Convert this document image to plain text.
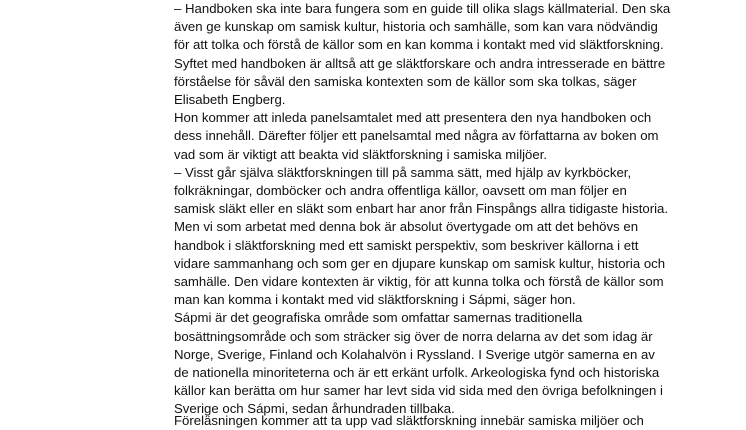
– Handboken ska inte bara fungera som en guide till olika slags källmaterial. Den ska

även ge kunskap om samisk kultur, historia och samhälle, som kan vara nödvändig

för att tolka och förstå de källor som en kan komma i kontakt med vid släktforskning.

Syftet med handboken är alltså att ge släktforskare och andra intresserade en bättre

förståelse för såväl den samiska kontexten som de källor som ska tolkas, säger

Elisabeth Engberg.

Hon kommer att inleda panelsamtalet med att presentera den nya handboken och

dess innehåll. Därefter följer ett panelsamtal med några av författarna av boken om

vad som är viktigt att beakta vid släktforskning i samiska miljöer.

– Visst går själva släktforskningen till på samma sätt, med hjälp av kyrkböcker,

folkräkningar, domböcker och andra offentliga källor, oavsett om man följer en

samisk släkt eller en släkt som enbart har anor från Finspångs allra tidigaste historia.

Men vi som arbetat med denna bok är absolut övertygade om att det behövs en

handbok i släktforskning med ett samiskt perspektiv, som beskriver källorna i ett

vidare sammanhang och som ger en djupare kunskap om samisk kultur, historia och

samhälle. Den vidare kontexten är viktig, för att kunna tolka och förstå de källor som

man kan komma i kontakt med vid släktforskning i Sápmi, säger hon.

Sápmi är det geografiska område som omfattar samernas traditionella

bosättningsområde och som sträcker sig över de norra delarna av det som idag är

Norge, Sverige, Finland och Kolahalvön i Ryssland. I Sverige utgör samerna en av

de nationella minoriteterna och är ett erkänt urfolk. Arkeologiska fynd och historiska

källor kan berätta om hur samer har levt sida vid sida med den övriga befolkningen i

Sverige och Sápmi, sedan århundraden tillbaka.

Föreläsningen kommer att ta upp vad släktforskning innebär samiska miljöer och
